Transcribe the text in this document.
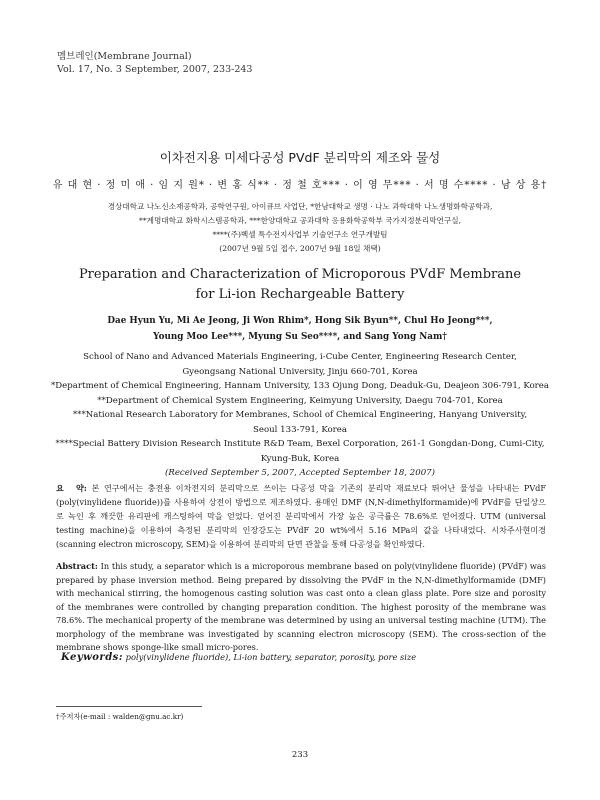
멤브레인(Membrane Journal)
Vol. 17, No. 3 September, 2007, 233-243
이차전지용 미세다공성 PVdF 분리막의 제조와 물성
유 대 현 · 정 미 애 · 임 지 원* · 변 홍 식** · 정 철 호*** · 이 영 무*** · 서 명 수**** · 남 상 용†
경상대학교 나노신소재공학과, 공학연구원, 아이큐브 사업단, *한남대학교 생명 · 나노 과학대학 나노생명화학공학과,
**계명대학교 화학시스템공학과, ***한양대학교 공과대학 응용화학공학부 국가지정분리막연구실,
****(주)벡셀 특수전지사업부 기술연구소 연구개발팀
(2007년 9월 5일 접수, 2007년 9월 18일 채택)
Preparation and Characterization of Microporous PVdF Membrane
for Li-ion Rechargeable Battery
Dae Hyun Yu, Mi Ae Jeong, Ji Won Rhim*, Hong Sik Byun**, Chul Ho Jeong***,
Young Moo Lee***, Myung Su Seo****, and Sang Yong Nam†
School of Nano and Advanced Materials Engineering, i-Cube Center, Engineering Research Center,
Gyeongsang National University, Jinju 660-701, Korea
*Department of Chemical Engineering, Hannam University, 133 Ojung Dong, Deaduk-Gu, Deajeon 306-791, Korea
**Department of Chemical System Engineering, Keimyung University, Daegu 704-701, Korea
***National Research Laboratory for Membranes, School of Chemical Engineering, Hanyang University,
Seoul 133-791, Korea
****Special Battery Division Research Institute R&D Team, Bexel Corporation, 261-1 Gongdan-Dong, Cumi-City,
Kyung-Buk, Korea
(Received September 5, 2007, Accepted September 18, 2007)
요　약: 본 연구에서는 충전용 이차전지의 분리막으로 쓰이는 다공성 막을 기존의 분리막 재료보다 뛰어난 물성을 나타내는 PVdF (poly(vinylidene fluoride))를 사용하여 상전이 방법으로 제조하였다. 용매인 DMF (N,N-dimethylformamide)에 PVdF를 단일상으로 녹인 후 깨끗한 유리판에 캐스팅하여 막을 얻었다. 얻어진 분리막에서 가장 높은 공극률은 78.6%로 얻어졌다. UTM (universal testing machine)을 이용하여 측정된 분리막의 인장강도는 PVdF 20 wt%에서 5.16 MPa의 값을 나타내었다. 시차주사현미경(scanning electron microscopy, SEM)을 이용하여 분리막의 단면 관찰을 통해 다공성을 확인하였다.
Abstract: In this study, a separator which is a microporous membrane based on poly(vinylidene fluoride) (PVdF) was prepared by phase inversion method. Being prepared by dissolving the PVdF in the N,N-dimethylformamide (DMF) with mechanical stirring, the homogenous casting solution was cast onto a clean glass plate. Pore size and porosity of the membranes were controlled by changing preparation condition. The highest porosity of the membrane was 78.6%. The mechanical property of the membrane was determined by using an universal testing machine (UTM). The morphology of the membrane was investigated by scanning electron microscopy (SEM). The cross-section of the membrane shows sponge-like small micro-pores.
Keywords: poly(vinylidene fluoride), Li-ion battery, separator, porosity, pore size
†주저자(e-mail : walden@gnu.ac.kr)
233
